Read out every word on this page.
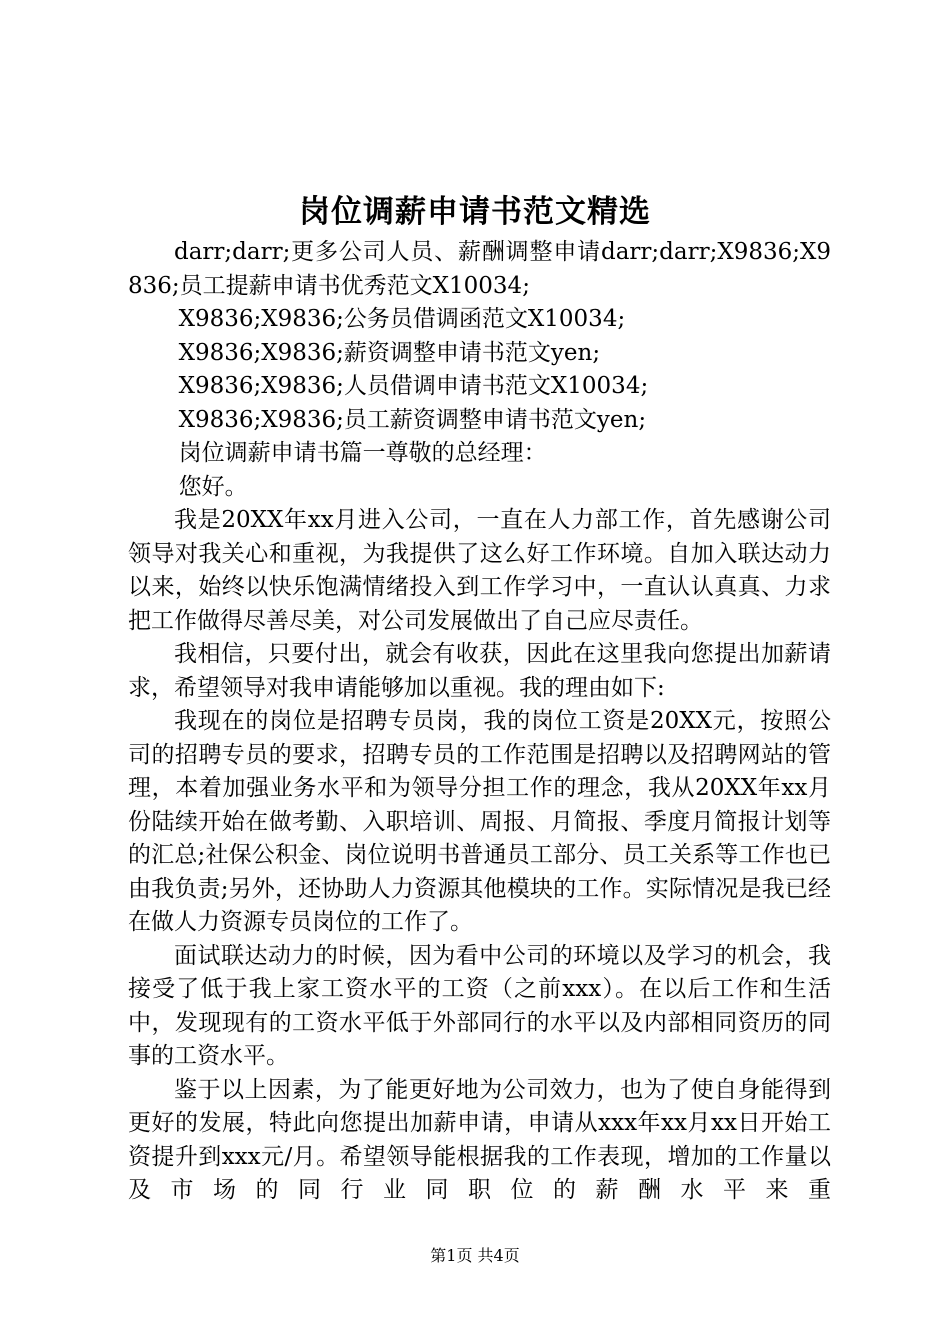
岗位调薪申请书范文精选

darr;darr;更多公司人员、薪酬调整申请darr;darr;X9836;X9836;员工提薪申请书优秀范文X10034;

X9836;X9836;公务员借调函范文X10034;

X9836;X9836;薪资调整申请书范文yen;

X9836;X9836;人员借调申请书范文X10034;

X9836;X9836;员工薪资调整申请书范文yen;

岗位调薪申请书篇一尊敬的总经理：

您好。

我是20XX年xx月进入公司，一直在人力部工作，首先感谢公司领导对我关心和重视，为我提供了这么好工作环境。自加入联达动力以来，始终以快乐饱满情绪投入到工作学习中，一直认认真真、力求把工作做得尽善尽美，对公司发展做出了自己应尽责任。

我相信，只要付出，就会有收获，因此在这里我向您提出加薪请求，希望领导对我申请能够加以重视。我的理由如下:

我现在的岗位是招聘专员岗，我的岗位工资是20XX元，按照公司的招聘专员的要求，招聘专员的工作范围是招聘以及招聘网站的管理，本着加强业务水平和为领导分担工作的理念，我从20XX年xx月份陆续开始在做考勤、入职培训、周报、月简报、季度月简报计划等的汇总;社保公积金、岗位说明书普通员工部分、员工关系等工作也已由我负责;另外，还协助人力资源其他模块的工作。实际情况是我已经在做人力资源专员岗位的工作了。

面试联达动力的时候，因为看中公司的环境以及学习的机会，我接受了低于我上家工资水平的工资（之前xxx）。在以后工作和生活中，发现现有的工资水平低于外部同行的水平以及内部相同资历的同事的工资水平。

鉴于以上因素，为了能更好地为公司效力，也为了使自身能得到更好的发展，特此向您提出加薪申请，申请从xxx年xx月xx日开始工资提升到xxx元/月。希望领导能根据我的工作表现，增加的工作量以及市场的同行业同职位的薪酬水平来重

第1页 共4页
